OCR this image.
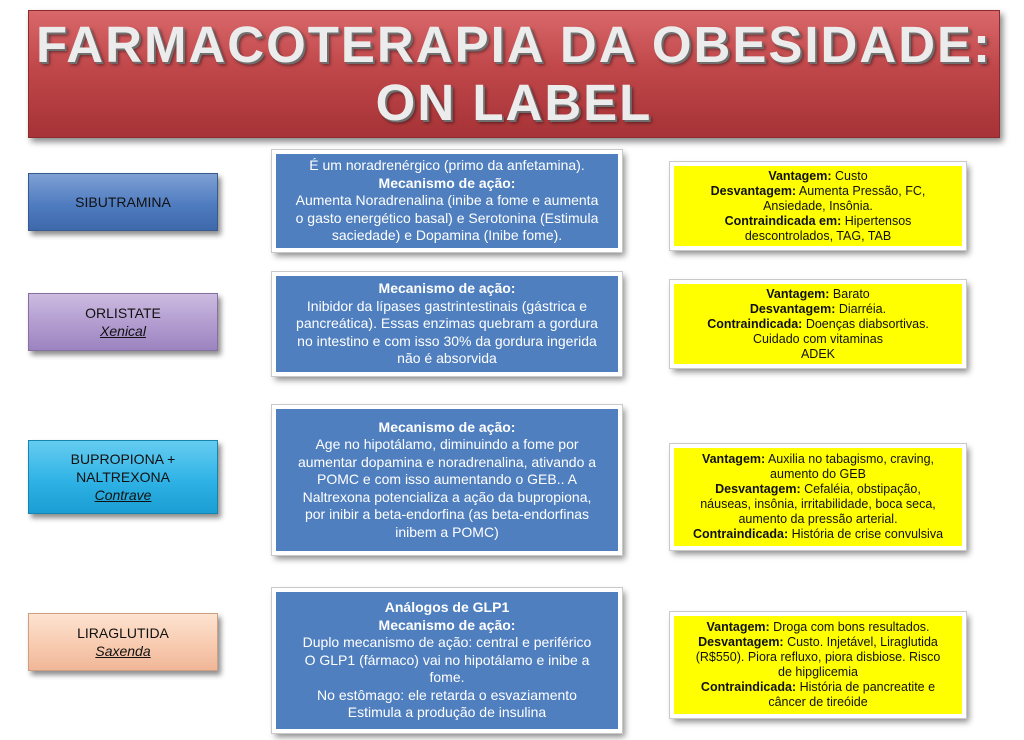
FARMACOTERAPIA DA OBESIDADE:
ON LABEL
SIBUTRAMINA
É um noradrenérgico (primo da anfetamina).
Mecanismo de ação:
Aumenta Noradrenalina (inibe a fome e aumenta
o gasto energético basal) e Serotonina (Estimula
saciedade) e Dopamina (Inibe fome).
Vantagem: Custo
Desvantagem: Aumenta Pressão, FC,
Ansiedade, Insônia.
Contraindicada em: Hipertensos
descontrolados, TAG, TAB
ORLISTATE
Xenical
Mecanismo de ação:
Inibidor da lípases gastrintestinais (gástrica e
pancreática). Essas enzimas quebram a gordura
no intestino e com isso 30% da gordura ingerida
não é absorvida
Vantagem: Barato
Desvantagem: Diarréia.
Contraindicada: Doenças diabsortivas.
Cuidado com vitaminas
ADEK
BUPROPIONA +
NALTREXONA
Contrave
Mecanismo de ação:
Age no hipotálamo, diminuindo a fome por
aumentar dopamina e noradrenalina, ativando a
POMC e com isso aumentando o GEB.. A
Naltrexona potencializa a ação da bupropiona,
por inibir a beta-endorfina (as beta-endorfinas
inibem a POMC)
Vantagem: Auxilia no tabagismo, craving,
aumento do GEB
Desvantagem: Cefaléia, obstipação,
náuseas, insônia, irritabilidade, boca seca,
aumento da pressão arterial.
Contraindicada: História de crise convulsiva
LIRAGLUTIDA
Saxenda
Análogos de GLP1
Mecanismo de ação:
Duplo mecanismo de ação: central e periférico
O GLP1 (fármaco) vai no hipotálamo e inibe a
fome.
No estômago: ele retarda o esvaziamento
Estimula a produção de insulina
Vantagem: Droga com bons resultados.
Desvantagem: Custo. Injetável, Liraglutida
(R$550). Piora refluxo, piora disbiose. Risco
de hipglicemia
Contraindicada: História de pancreatite e
câncer de tireóide
